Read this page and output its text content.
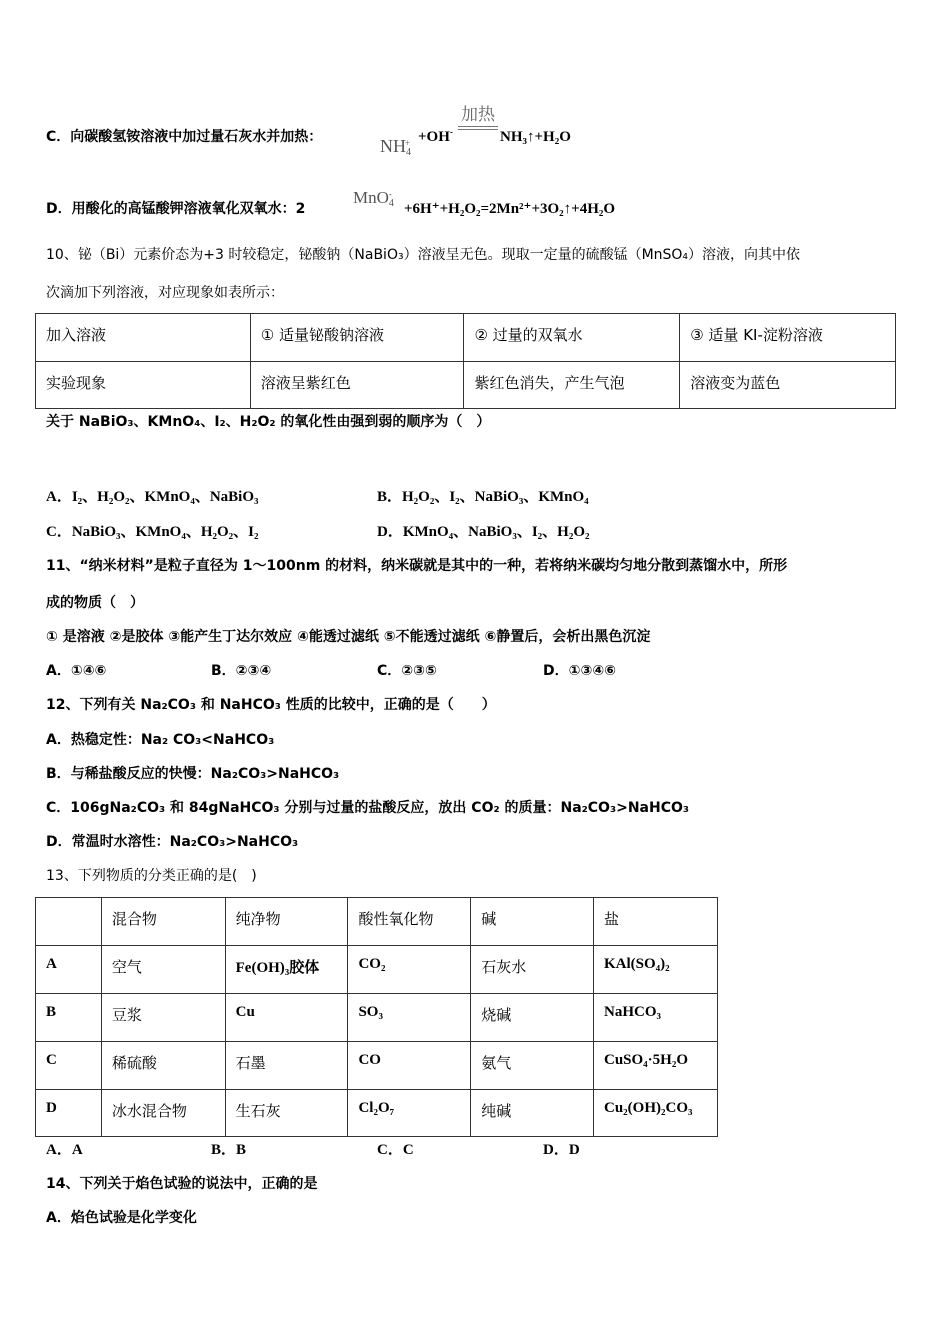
C．向碳酸氢铵溶液中加过量石灰水并加热：	$NH_4^+ +OH^-$
加热
NH₃↑+H₂O
D．用酸化的高锰酸钾溶液氧化双氧水：2
MnO-$_4$ +6H⁺+H₂O₂=2Mn²⁺+3O₂↑+4H₂O
10、铋（Bi）元素价态为+3 时较稳定，铋酸钠（NaBiO₃）溶液呈无色。现取一定量的硫酸锰（MnSO₄）溶液，向其中依
次滴加下列溶液，对应现象如表所示：
加入溶液	① 适量铋酸钠溶液	② 过量的双氧水	③ 适量 KI-淀粉溶液
实验现象	溶液呈紫红色	紫红色消失，产生气泡	溶液变为蓝色
关于 NaBiO₃、KMnO₄、I₂、H₂O₂ 的氧化性由强到弱的顺序为（　）
A．I₂、H₂O₂、KMnO₄、NaBiO₃	B．H₂O₂、I₂、NaBiO₃、KMnO₄
C．NaBiO₃、KMnO₄、H₂O₂、I₂	D．KMnO₄、NaBiO₃、I₂、H₂O₂
11、“纳米材料”是粒子直径为 1～100nm 的材料，纳米碳就是其中的一种，若将纳米碳均匀地分散到蒸馏水中，所形
成的物质（　）
① 是溶液 ②是胶体 ③能产生丁达尔效应 ④能透过滤纸 ⑤不能透过滤纸 ⑥静置后，会析出黑色沉淀
A．①④⑥	B．②③④	C．②③⑤	D．①③④⑥
12、下列有关 Na₂CO₃ 和 NaHCO₃ 性质的比较中，正确的是（　　）
A．热稳定性：Na₂ CO₃<NaHCO₃
B．与稀盐酸反应的快慢：Na₂CO₃>NaHCO₃
C．106gNa₂CO₃ 和 84gNaHCO₃ 分别与过量的盐酸反应，放出 CO₂ 的质量：Na₂CO₃>NaHCO₃
D．常温时水溶性：Na₂CO₃>NaHCO₃
13、下列物质的分类正确的是(　)
	混合物	纯净物	酸性氧化物	碱	盐
A	空气	Fe(OH)₃胶体	CO₂	石灰水	KAl(SO₄)₂
B	豆浆	Cu	SO₃	烧碱	NaHCO₃
C	稀硫酸	石墨	CO	氨气	CuSO₄·5H₂O
D	冰水混合物	生石灰	Cl₂O₇	纯碱	Cu₂(OH)₂CO₃
A．A	B．B	C．C	D．D
14、下列关于焰色试验的说法中，正确的是
A．焰色试验是化学变化
